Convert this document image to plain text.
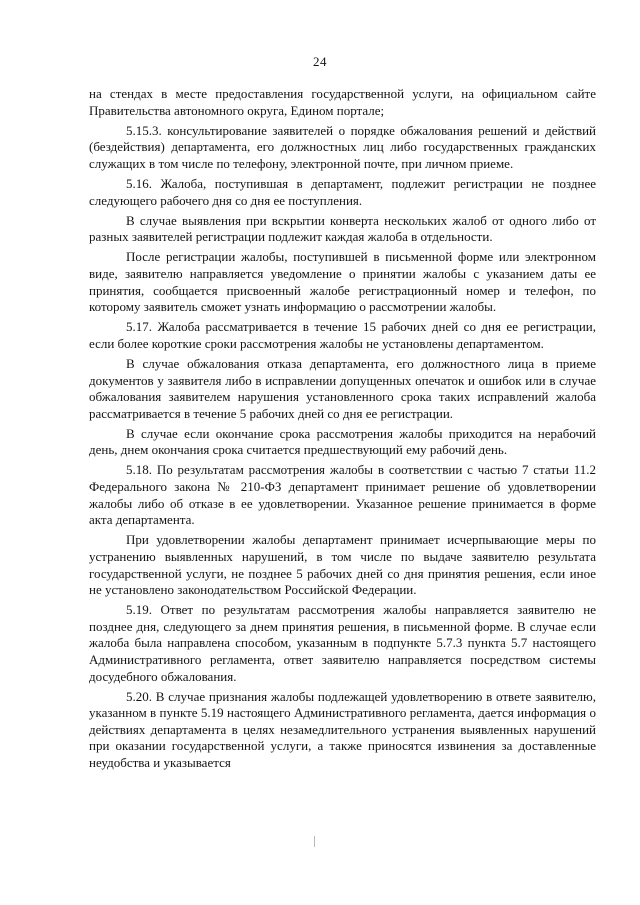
24

на стендах в месте предоставления государственной услуги, на официальном сайте Правительства автономного округа, Едином портале;

5.15.3. консультирование заявителей о порядке обжалования решений и действий (бездействия) департамента, его должностных лиц либо государственных гражданских служащих в том числе по телефону, электронной почте, при личном приеме.

5.16. Жалоба, поступившая в департамент, подлежит регистрации не позднее следующего рабочего дня со дня ее поступления.

В случае выявления при вскрытии конверта нескольких жалоб от одного либо от разных заявителей регистрации подлежит каждая жалоба в отдельности.

После регистрации жалобы, поступившей в письменной форме или электронном виде, заявителю направляется уведомление о принятии жалобы с указанием даты ее принятия, сообщается присвоенный жалобе регистрационный номер и телефон, по которому заявитель сможет узнать информацию о рассмотрении жалобы.

5.17. Жалоба рассматривается в течение 15 рабочих дней со дня ее регистрации, если более короткие сроки рассмотрения жалобы не установлены департаментом.

В случае обжалования отказа департамента, его должностного лица в приеме документов у заявителя либо в исправлении допущенных опечаток и ошибок или в случае обжалования заявителем нарушения установленного срока таких исправлений жалоба рассматривается в течение 5 рабочих дней со дня ее регистрации.

В случае если окончание срока рассмотрения жалобы приходится на нерабочий день, днем окончания срока считается предшествующий ему рабочий день.

5.18. По результатам рассмотрения жалобы в соответствии с частью 7 статьи 11.2 Федерального закона № 210-ФЗ департамент принимает решение об удовлетворении жалобы либо об отказе в ее удовлетворении. Указанное решение принимается в форме акта департамента.

При удовлетворении жалобы департамент принимает исчерпывающие меры по устранению выявленных нарушений, в том числе по выдаче заявителю результата государственной услуги, не позднее 5 рабочих дней со дня принятия решения, если иное не установлено законодательством Российской Федерации.

5.19. Ответ по результатам рассмотрения жалобы направляется заявителю не позднее дня, следующего за днем принятия решения, в письменной форме. В случае если жалоба была направлена способом, указанным в подпункте 5.7.3 пункта 5.7 настоящего Административного регламента, ответ заявителю направляется посредством системы досудебного обжалования.

5.20. В случае признания жалобы подлежащей удовлетворению в ответе заявителю, указанном в пункте 5.19 настоящего Административного регламента, дается информация о действиях департамента в целях незамедлительного устранения выявленных нарушений при оказании государственной услуги, а также приносятся извинения за доставленные неудобства и указывается
